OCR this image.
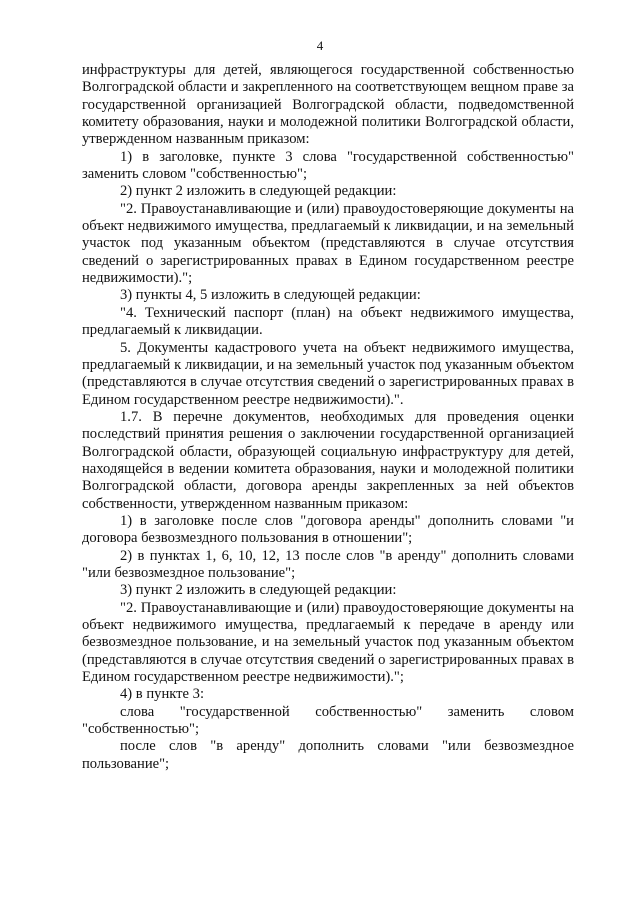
4

инфраструктуры для детей, являющегося государственной собственностью Волгоградской области и закрепленного на соответствующем вещном праве за государственной организацией Волгоградской области, подведомственной комитету образования, науки и молодежной политики Волгоградской области, утвержденном названным приказом:

1) в заголовке, пункте 3 слова "государственной собственностью" заменить словом "собственностью";

2) пункт 2 изложить в следующей редакции:

"2. Правоустанавливающие и (или) правоудостоверяющие документы на объект недвижимого имущества, предлагаемый к ликвидации, и на земельный участок под указанным объектом (представляются в случае отсутствия сведений о зарегистрированных правах в Едином государственном реестре недвижимости).";

3) пункты 4, 5 изложить в следующей редакции:

"4. Технический паспорт (план) на объект недвижимого имущества, предлагаемый к ликвидации.

5. Документы кадастрового учета на объект недвижимого имущества, предлагаемый к ликвидации, и на земельный участок под указанным объектом (представляются в случае отсутствия сведений о зарегистрированных правах в Едином государственном реестре недвижимости).".

1.7. В перечне документов, необходимых для проведения оценки последствий принятия решения о заключении государственной организацией Волгоградской области, образующей социальную инфраструктуру для детей, находящейся в ведении комитета образования, науки и молодежной политики Волгоградской области, договора аренды закрепленных за ней объектов собственности, утвержденном названным приказом:

1) в заголовке после слов "договора аренды" дополнить словами "и договора безвозмездного пользования в отношении";

2) в пунктах 1, 6, 10, 12, 13 после слов "в аренду" дополнить словами "или безвозмездное пользование";

3) пункт 2 изложить в следующей редакции:

"2. Правоустанавливающие и (или) правоудостоверяющие документы на объект недвижимого имущества, предлагаемый к передаче в аренду или безвозмездное пользование, и на земельный участок под указанным объектом (представляются в случае отсутствия сведений о зарегистрированных правах в Едином государственном реестре недвижимости).";

4) в пункте 3:

слова "государственной собственностью" заменить словом "собственностью";

после слов "в аренду" дополнить словами "или безвозмездное пользование";
